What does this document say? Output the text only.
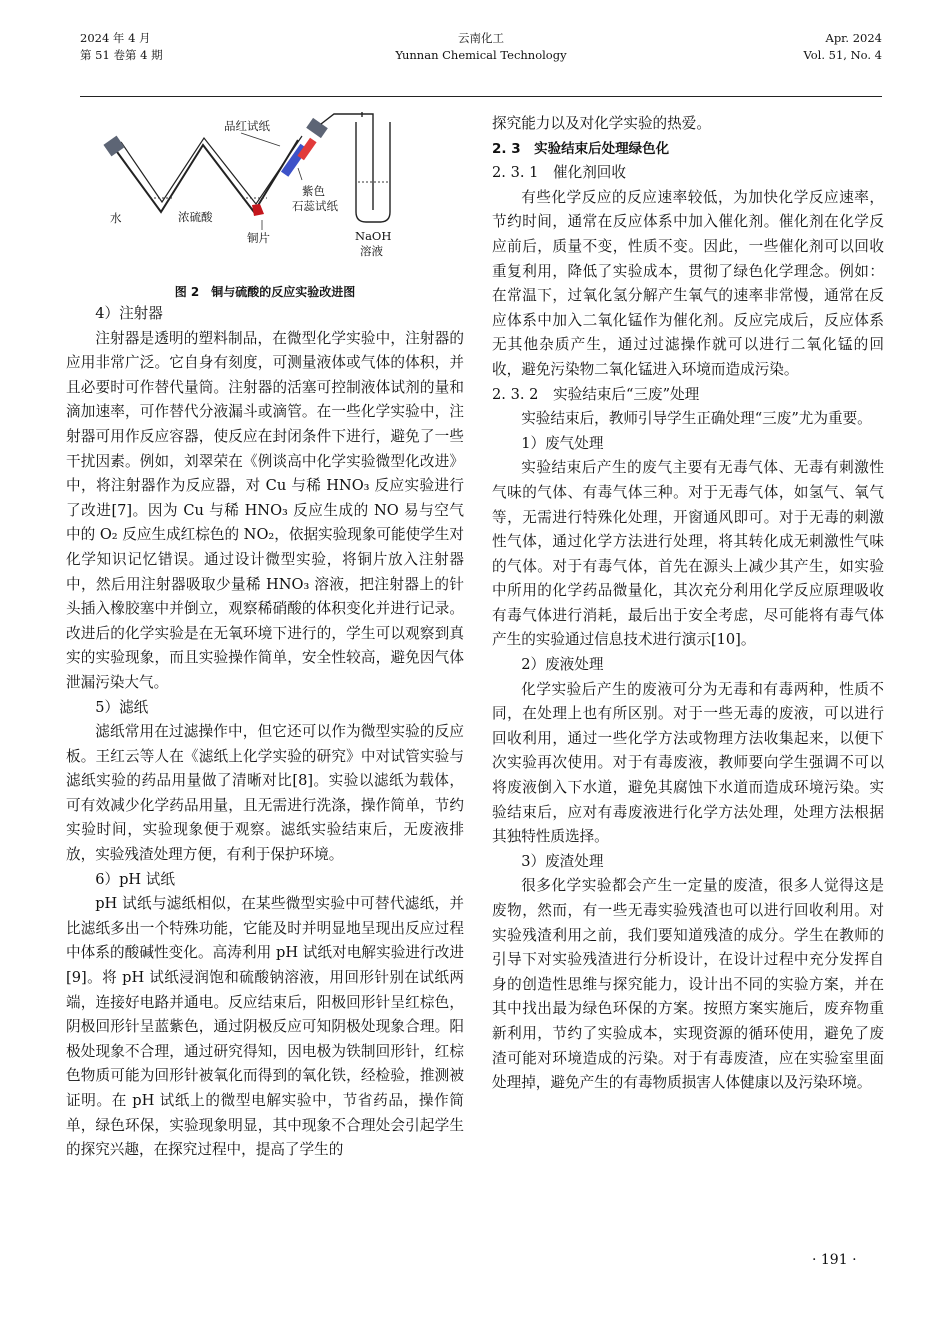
2024 年 4 月
第 51 卷第 4 期
云南化工
Yunnan Chemical Technology
Apr. 2024
Vol. 51, No. 4
品红试纸
水	浓硫酸
铜片
紫色
石蕊试纸
NaOH
溶液

图 2　铜与硫酸的反应实验改进图

4）注射器

注射器是透明的塑料制品，在微型化学实验中，注射器的应用非常广泛。它自身有刻度，可测量液体或气体的体积，并且必要时可作替代量筒。注射器的活塞可控制液体试剂的量和滴加速率，可作替代分液漏斗或滴管。在一些化学实验中，注射器可用作反应容器，使反应在封闭条件下进行，避免了一些干扰因素。例如，刘翠荣在《例谈高中化学实验微型化改进》中，将注射器作为反应器，对 Cu 与稀 HNO₃ 反应实验进行了改进[7]。因为 Cu 与稀 HNO₃ 反应生成的 NO 易与空气中的 O₂ 反应生成红棕色的 NO₂，依据实验现象可能使学生对化学知识记忆错误。通过设计微型实验，将铜片放入注射器中，然后用注射器吸取少量稀 HNO₃ 溶液，把注射器上的针头插入橡胶塞中并倒立，观察稀硝酸的体积变化并进行记录。改进后的化学实验是在无氧环境下进行的，学生可以观察到真实的实验现象，而且实验操作简单，安全性较高，避免因气体泄漏污染大气。

5）滤纸

滤纸常用在过滤操作中，但它还可以作为微型实验的反应板。王红云等人在《滤纸上化学实验的研究》中对试管实验与滤纸实验的药品用量做了清晰对比[8]。实验以滤纸为载体，可有效减少化学药品用量，且无需进行洗涤，操作简单，节约实验时间，实验现象便于观察。滤纸实验结束后，无废液排放，实验残渣处理方便，有利于保护环境。

6）pH 试纸

pH 试纸与滤纸相似，在某些微型实验中可替代滤纸，并比滤纸多出一个特殊功能，它能及时并明显地呈现出反应过程中体系的酸碱性变化。高涛利用 pH 试纸对电解实验进行改进[9]。将 pH 试纸浸润饱和硫酸钠溶液，用回形针别在试纸两端，连接好电路并通电。反应结束后，阳极回形针呈红棕色，阴极回形针呈蓝紫色，通过阴极反应可知阴极处现象合理。阳极处现象不合理，通过研究得知，因电极为铁制回形针，红棕色物质可能为回形针被氧化而得到的氧化铁，经检验，推测被证明。在 pH 试纸上的微型电解实验中，节省药品，操作简单，绿色环保，实验现象明显，其中现象不合理处会引起学生的探究兴趣，在探究过程中，提高了学生的

探究能力以及对化学实验的热爱。

2. 3　实验结束后处理绿色化

2. 3. 1　催化剂回收

有些化学反应的反应速率较低，为加快化学反应速率，节约时间，通常在反应体系中加入催化剂。催化剂在化学反应前后，质量不变，性质不变。因此，一些催化剂可以回收重复利用，降低了实验成本，贯彻了绿色化学理念。例如：在常温下，过氧化氢分解产生氧气的速率非常慢，通常在反应体系中加入二氧化锰作为催化剂。反应完成后，反应体系无其他杂质产生，通过过滤操作就可以进行二氧化锰的回收，避免污染物二氧化锰进入环境而造成污染。

2. 3. 2　实验结束后“三废”处理

实验结束后，教师引导学生正确处理“三废”尤为重要。

1）废气处理

实验结束后产生的废气主要有无毒气体、无毒有刺激性气味的气体、有毒气体三种。对于无毒气体，如氢气、氧气等，无需进行特殊化处理，开窗通风即可。对于无毒的刺激性气体，通过化学方法进行处理，将其转化成无刺激性气味的气体。对于有毒气体，首先在源头上减少其产生，如实验中所用的化学药品微量化，其次充分利用化学反应原理吸收有毒气体进行消耗，最后出于安全考虑，尽可能将有毒气体产生的实验通过信息技术进行演示[10]。

2）废液处理

化学实验后产生的废液可分为无毒和有毒两种，性质不同，在处理上也有所区别。对于一些无毒的废液，可以进行回收利用，通过一些化学方法或物理方法收集起来，以便下次实验再次使用。对于有毒废液，教师要向学生强调不可以将废液倒入下水道，避免其腐蚀下水道而造成环境污染。实验结束后，应对有毒废液进行化学方法处理，处理方法根据其独特性质选择。

3）废渣处理

很多化学实验都会产生一定量的废渣，很多人觉得这是废物，然而，有一些无毒实验残渣也可以进行回收利用。对实验残渣利用之前，我们要知道残渣的成分。学生在教师的引导下对实验残渣进行分析设计，在设计过程中充分发挥自身的创造性思维与探究能力，设计出不同的实验方案，并在其中找出最为绿色环保的方案。按照方案实施后，废弃物重新利用，节约了实验成本，实现资源的循环使用，避免了废渣可能对环境造成的污染。对于有毒废渣，应在实验室里面处理掉，避免产生的有毒物质损害人体健康以及污染环境。

· 191 ·
